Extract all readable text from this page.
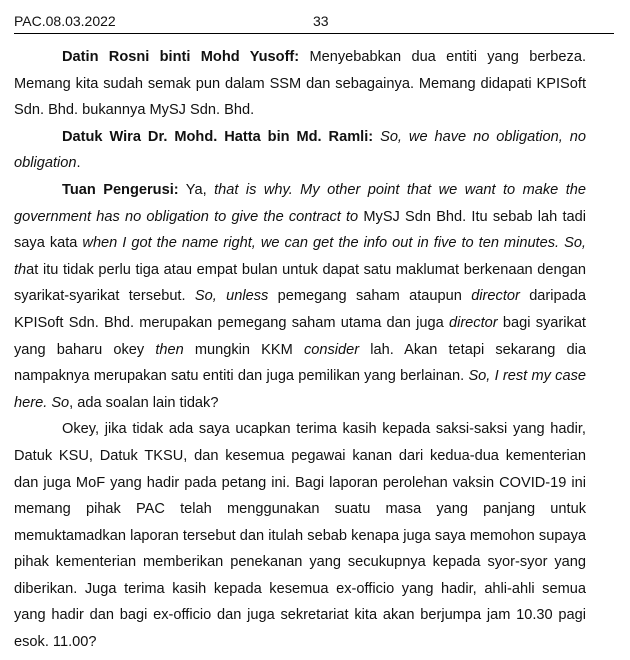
PAC.08.03.2022	33

Datin Rosni binti Mohd Yusoff: Menyebabkan dua entiti yang berbeza. Memang kita sudah semak pun dalam SSM dan sebagainya. Memang didapati KPISoft Sdn. Bhd. bukannya MySJ Sdn. Bhd.

Datuk Wira Dr. Mohd. Hatta bin Md. Ramli: So, we have no obligation, no obligation.

Tuan Pengerusi: Ya, that is why. My other point that we want to make the government has no obligation to give the contract to MySJ Sdn Bhd. Itu sebab lah tadi saya kata when I got the name right, we can get the info out in five to ten minutes. So, that itu tidak perlu tiga atau empat bulan untuk dapat satu maklumat berkenaan dengan syarikat-syarikat tersebut. So, unless pemegang saham ataupun director daripada KPISoft Sdn. Bhd. merupakan pemegang saham utama dan juga director bagi syarikat yang baharu okey then mungkin KKM consider lah. Akan tetapi sekarang dia nampaknya merupakan satu entiti dan juga pemilikan yang berlainan. So, I rest my case here. So, ada soalan lain tidak?

Okey, jika tidak ada saya ucapkan terima kasih kepada saksi-saksi yang hadir, Datuk KSU, Datuk TKSU, dan kesemua pegawai kanan dari kedua-dua kementerian dan juga MoF yang hadir pada petang ini. Bagi laporan perolehan vaksin COVID-19 ini memang pihak PAC telah menggunakan suatu masa yang panjang untuk memuktamadkan laporan tersebut dan itulah sebab kenapa juga saya memohon supaya pihak kementerian memberikan penekanan yang secukupnya kepada syor-syor yang diberikan. Juga terima kasih kepada kesemua ex-officio yang hadir, ahli-ahli semua yang hadir dan bagi ex-officio dan juga sekretariat kita akan berjumpa jam 10.30 pagi esok. 11.00?
